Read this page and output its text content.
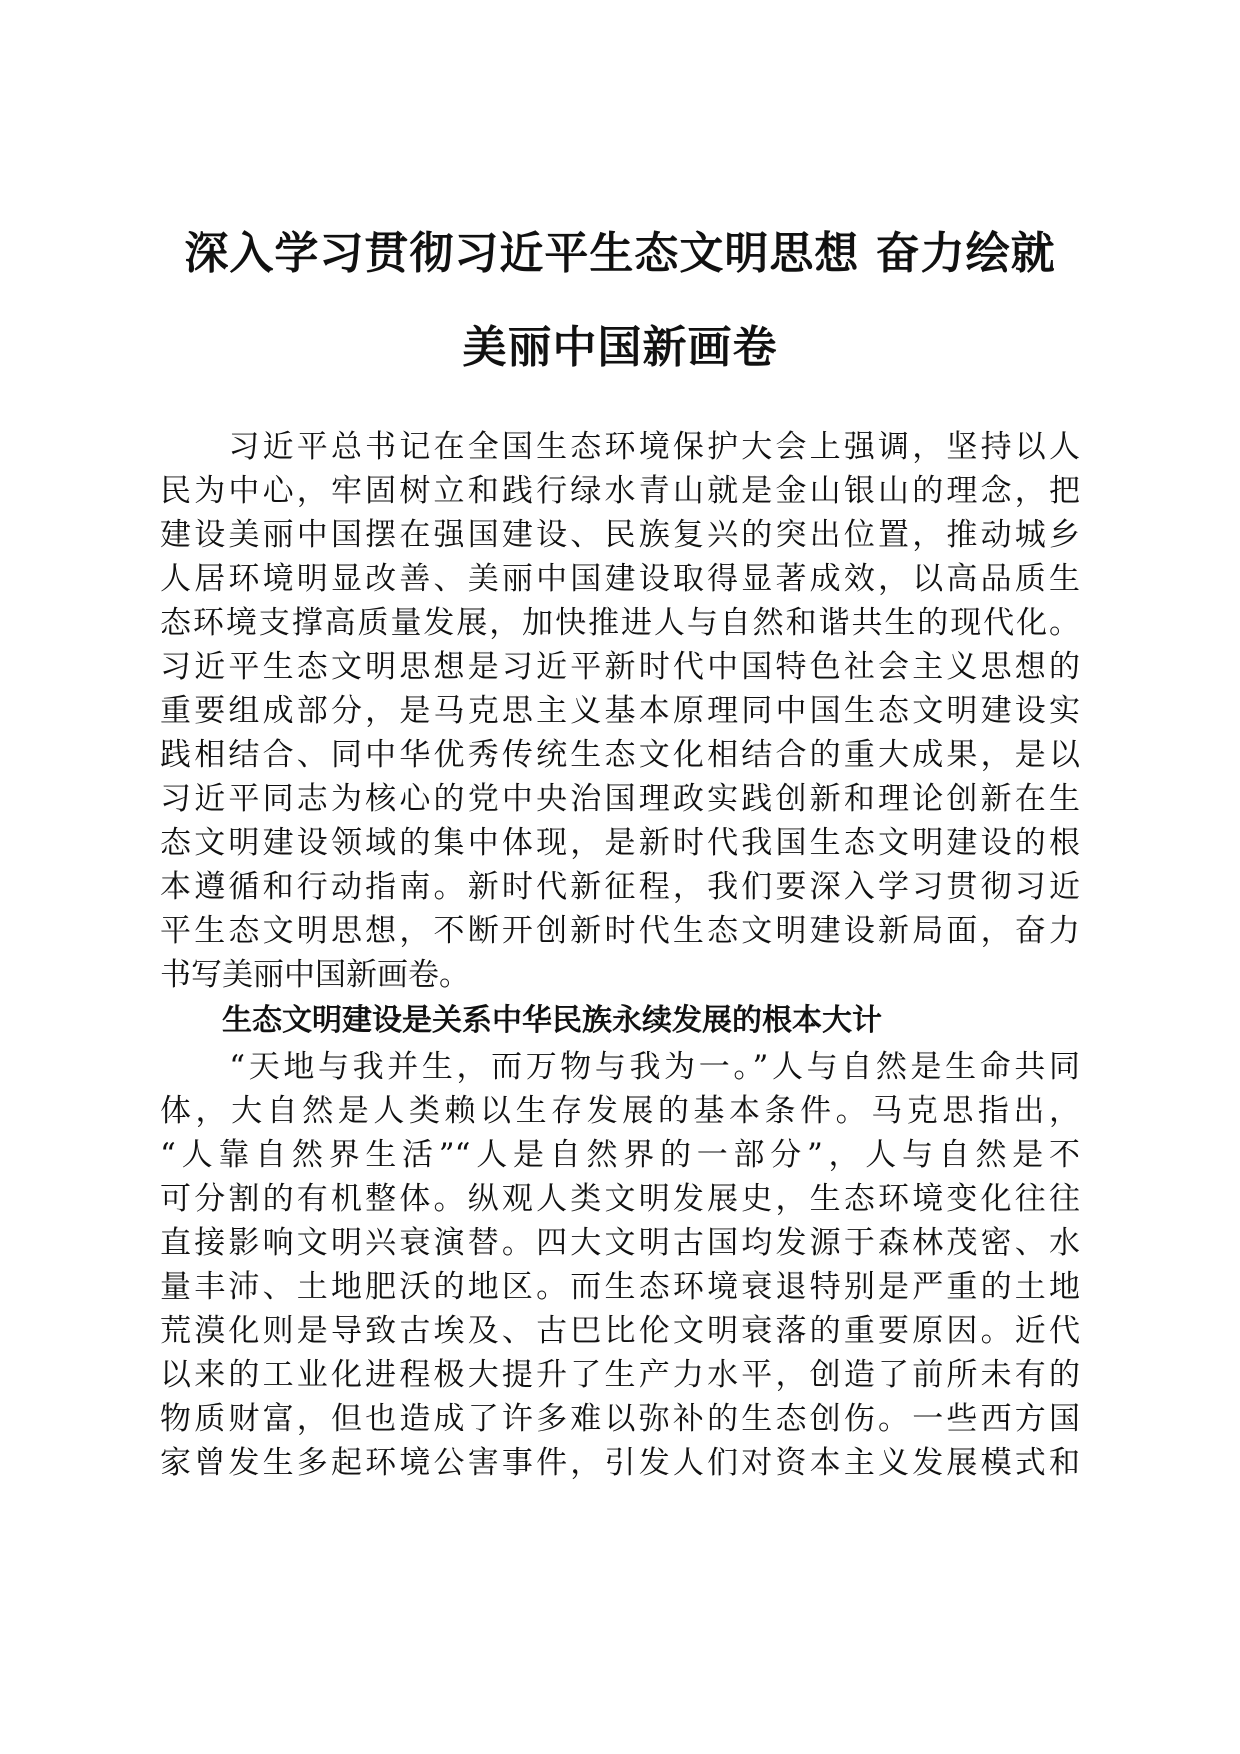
深入学习贯彻习近平生态文明思想 奋力绘就
美丽中国新画卷
　　习近平总书记在全国生态环境保护大会上强调，坚持以人
民为中心，牢固树立和践行绿水青山就是金山银山的理念，把
建设美丽中国摆在强国建设、民族复兴的突出位置，推动城乡
人居环境明显改善、美丽中国建设取得显著成效，以高品质生
态环境支撑高质量发展，加快推进人与自然和谐共生的现代化。
习近平生态文明思想是习近平新时代中国特色社会主义思想的
重要组成部分，是马克思主义基本原理同中国生态文明建设实
践相结合、同中华优秀传统生态文化相结合的重大成果，是以
习近平同志为核心的党中央治国理政实践创新和理论创新在生
态文明建设领域的集中体现，是新时代我国生态文明建设的根
本遵循和行动指南。新时代新征程，我们要深入学习贯彻习近
平生态文明思想，不断开创新时代生态文明建设新局面，奋力
书写美丽中国新画卷。
生态文明建设是关系中华民族永续发展的根本大计
　　“天地与我并生，而万物与我为一。”人与自然是生命共同
体，大自然是人类赖以生存发展的基本条件。马克思指出，
“人靠自然界生活”“人是自然界的一部分”，人与自然是不
可分割的有机整体。纵观人类文明发展史，生态环境变化往往
直接影响文明兴衰演替。四大文明古国均发源于森林茂密、水
量丰沛、土地肥沃的地区。而生态环境衰退特别是严重的土地
荒漠化则是导致古埃及、古巴比伦文明衰落的重要原因。近代
以来的工业化进程极大提升了生产力水平，创造了前所未有的
物质财富，但也造成了许多难以弥补的生态创伤。一些西方国
家曾发生多起环境公害事件，引发人们对资本主义发展模式和
